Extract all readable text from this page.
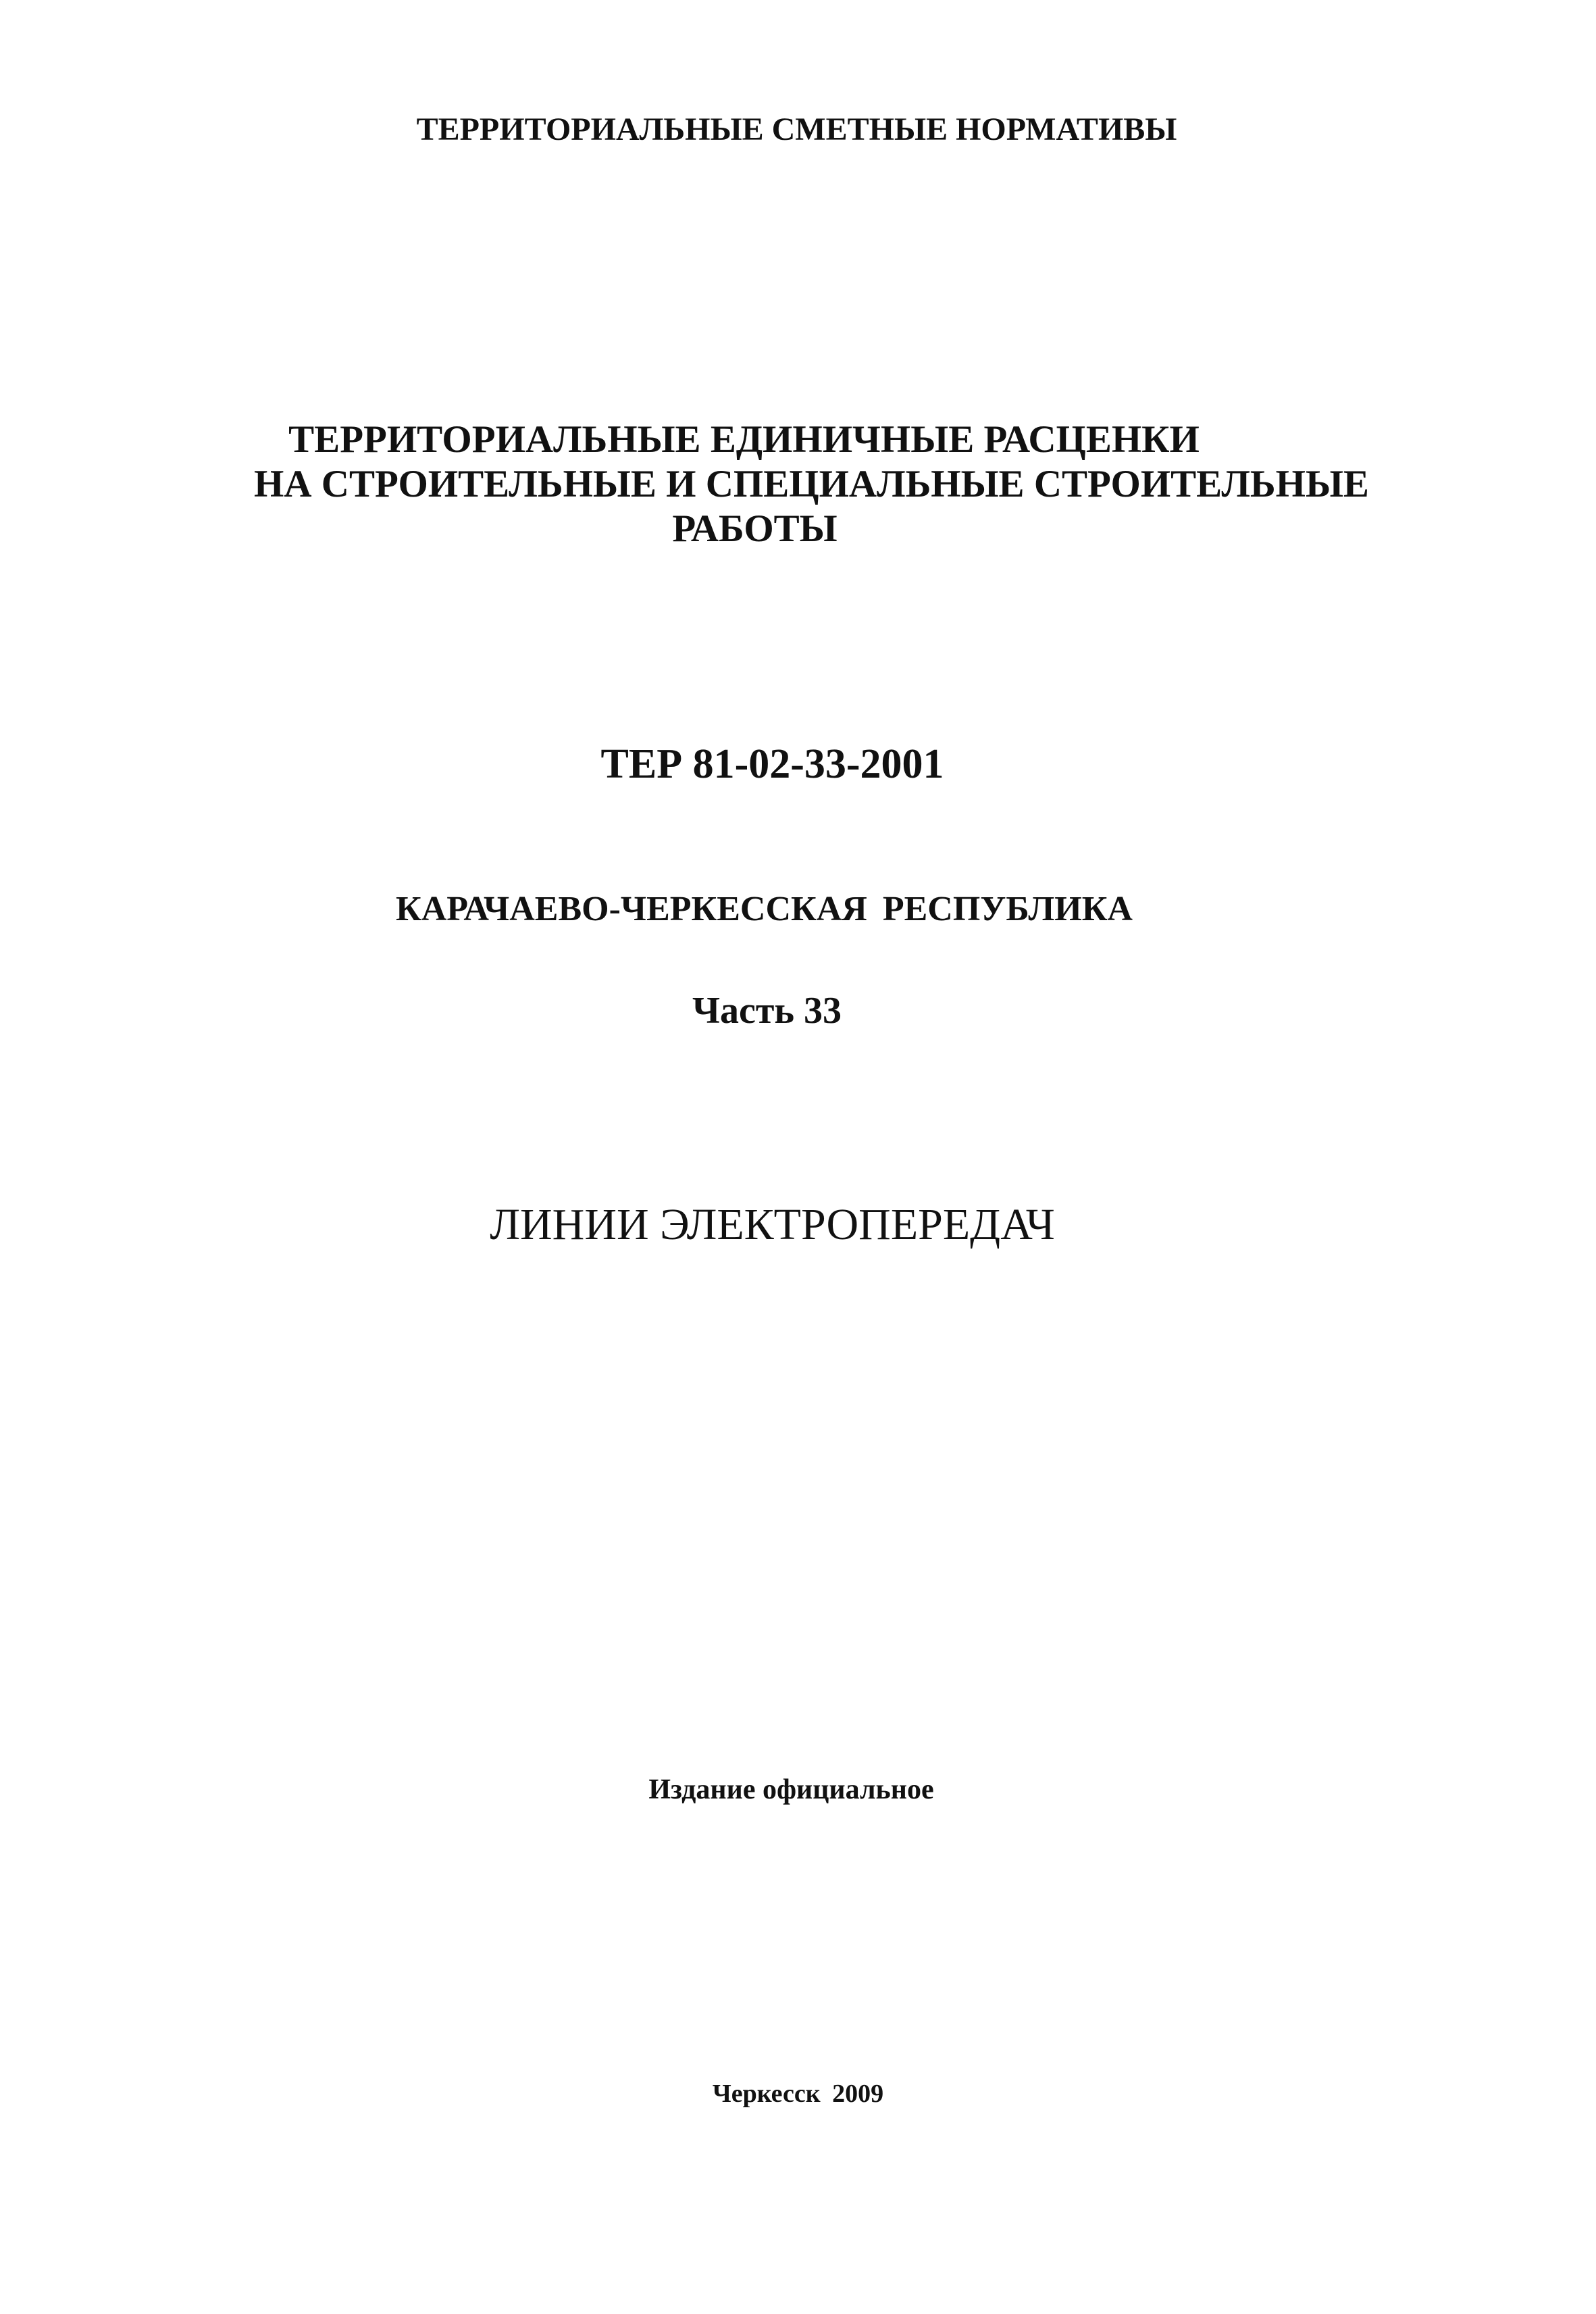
ТЕРРИТОРИАЛЬНЫЕ СМЕТНЫЕ НОРМАТИВЫ
ТЕРРИТОРИАЛЬНЫЕ ЕДИНИЧНЫЕ РАСЦЕНКИ
НА СТРОИТЕЛЬНЫЕ И СПЕЦИАЛЬНЫЕ СТРОИТЕЛЬНЫЕ
РАБОТЫ
ТЕР 81-02-33-2001
КАРАЧАЕВО-ЧЕРКЕССКАЯ РЕСПУБЛИКА
Часть 33
ЛИНИИ ЭЛЕКТРОПЕРЕДАЧ
Издание официальное
Черкесск 2009
